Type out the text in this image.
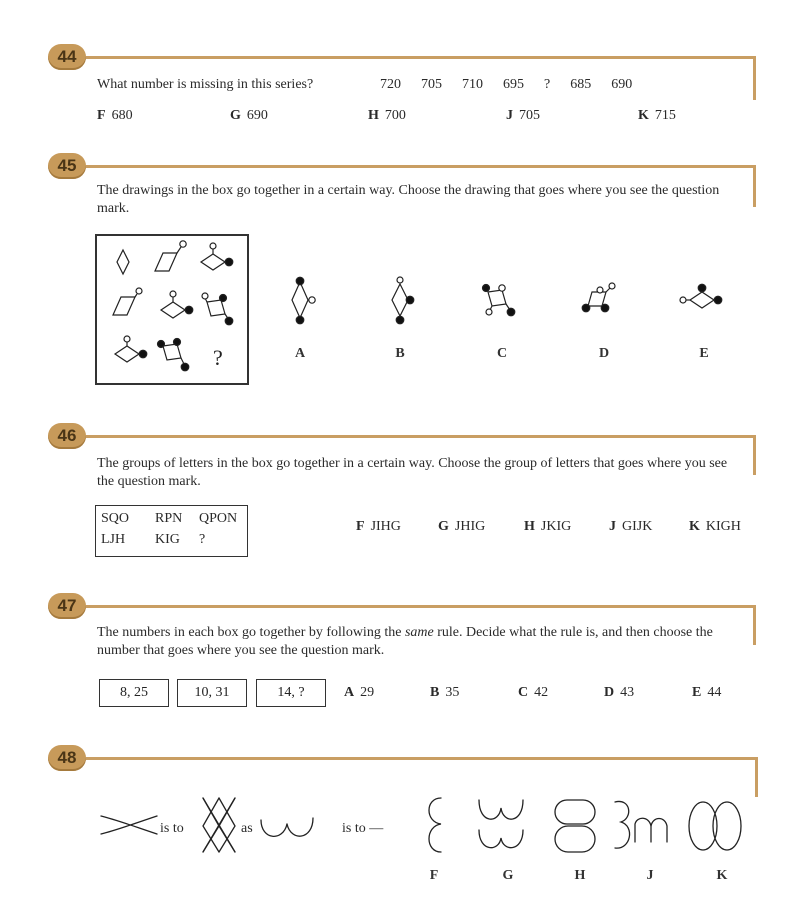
44
What number is missing in this series?	720 705 710 695 ? 685 690
F 680	G 690	H 700	J 705	K 715
45
The drawings in the box go together in a certain way. Choose the drawing that goes where you see the question mark.
?	A	B	C	D	E
46
The groups of letters in the box go together in a certain way. Choose the group of letters that goes where you see the question mark.
SQO RPN QPON
LJH KIG ?
F JIHG	G JHIG	H JKIG	J GIJK	K KIGH
47
The numbers in each box go together by following the same rule. Decide what the rule is, and then choose the number that goes where you see the question mark.
8, 25	10, 31	14, ?	A 29	B 35	C 42	D 43	E 44
48
is to	as	is to —
F	G	H	J	K
